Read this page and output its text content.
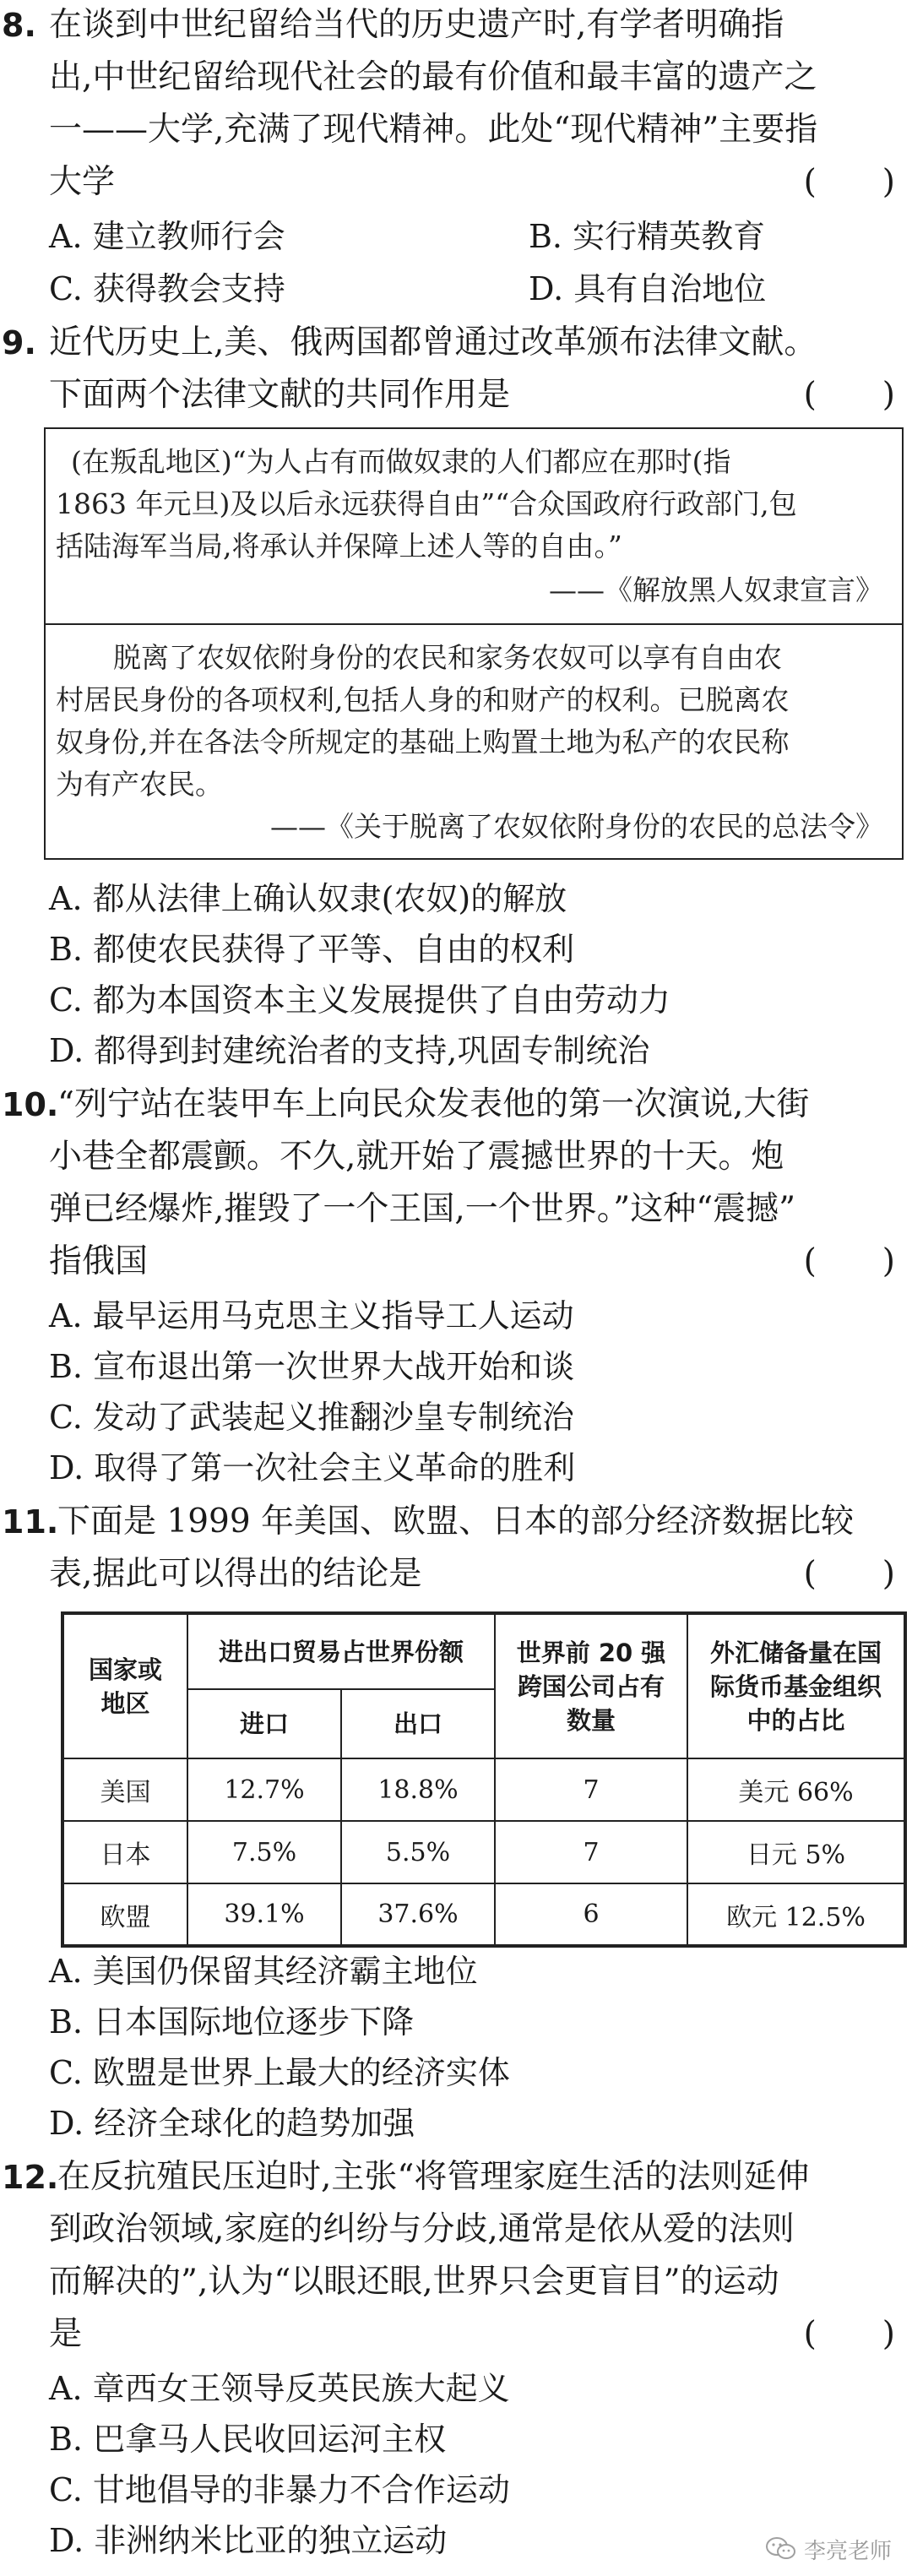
8. 在谈到中世纪留给当代的历史遗产时,有学者明确指
出,中世纪留给现代社会的最有价值和最丰富的遗产之
一——大学,充满了现代精神。此处“现代精神”主要指
大学	(　　)
A. 建立教师行会	B. 实行精英教育
C. 获得教会支持	D. 具有自治地位
9. 近代历史上,美、俄两国都曾通过改革颁布法律文献。
下面两个法律文献的共同作用是	(　　)
(在叛乱地区)“为人占有而做奴隶的人们都应在那时(指
1863 年元旦)及以后永远获得自由”“合众国政府行政部门,包
括陆海军当局,将承认并保障上述人等的自由。”
——《解放黑人奴隶宣言》
脱离了农奴依附身份的农民和家务农奴可以享有自由农
村居民身份的各项权利,包括人身的和财产的权利。已脱离农
奴身份,并在各法令所规定的基础上购置土地为私产的农民称
为有产农民。
——《关于脱离了农奴依附身份的农民的总法令》
A. 都从法律上确认奴隶(农奴)的解放
B. 都使农民获得了平等、自由的权利
C. 都为本国资本主义发展提供了自由劳动力
D. 都得到封建统治者的支持,巩固专制统治
10.
“列宁站在装甲车上向民众发表他的第一次演说,大街
小巷全都震颤。不久,就开始了震撼世界的十天。炮
弹已经爆炸,摧毁了一个王国,一个世界。”这种“震撼”
指俄国	(　　)
A. 最早运用马克思主义指导工人运动
B. 宣布退出第一次世界大战开始和谈
C. 发动了武装起义推翻沙皇专制统治
D. 取得了第一次社会主义革命的胜利
11.
下面是 1999 年美国、欧盟、日本的部分经济数据比较
表,据此可以得出的结论是	(　　)
国家或地区	进出口贸易占世界份额		世界前 20 强跨国公司占有数量	外汇储备量在国际货币基金组织中的占比
	进口	出口		
美国	12.7%	18.8%	7	美元 66%
日本	7.5%	5.5%	7	日元 5%
欧盟	39.1%	37.6%	6	欧元 12.5%
A. 美国仍保留其经济霸主地位
B. 日本国际地位逐步下降
C. 欧盟是世界上最大的经济实体
D. 经济全球化的趋势加强
12.
在反抗殖民压迫时,主张“将管理家庭生活的法则延伸
到政治领域,家庭的纠纷与分歧,通常是依从爱的法则
而解决的”,认为“以眼还眼,世界只会更盲目”的运动
是	(　　)
A. 章西女王领导反英民族大起义
B. 巴拿马人民收回运河主权
C. 甘地倡导的非暴力不合作运动
D. 非洲纳米比亚的独立运动	李亮老师
